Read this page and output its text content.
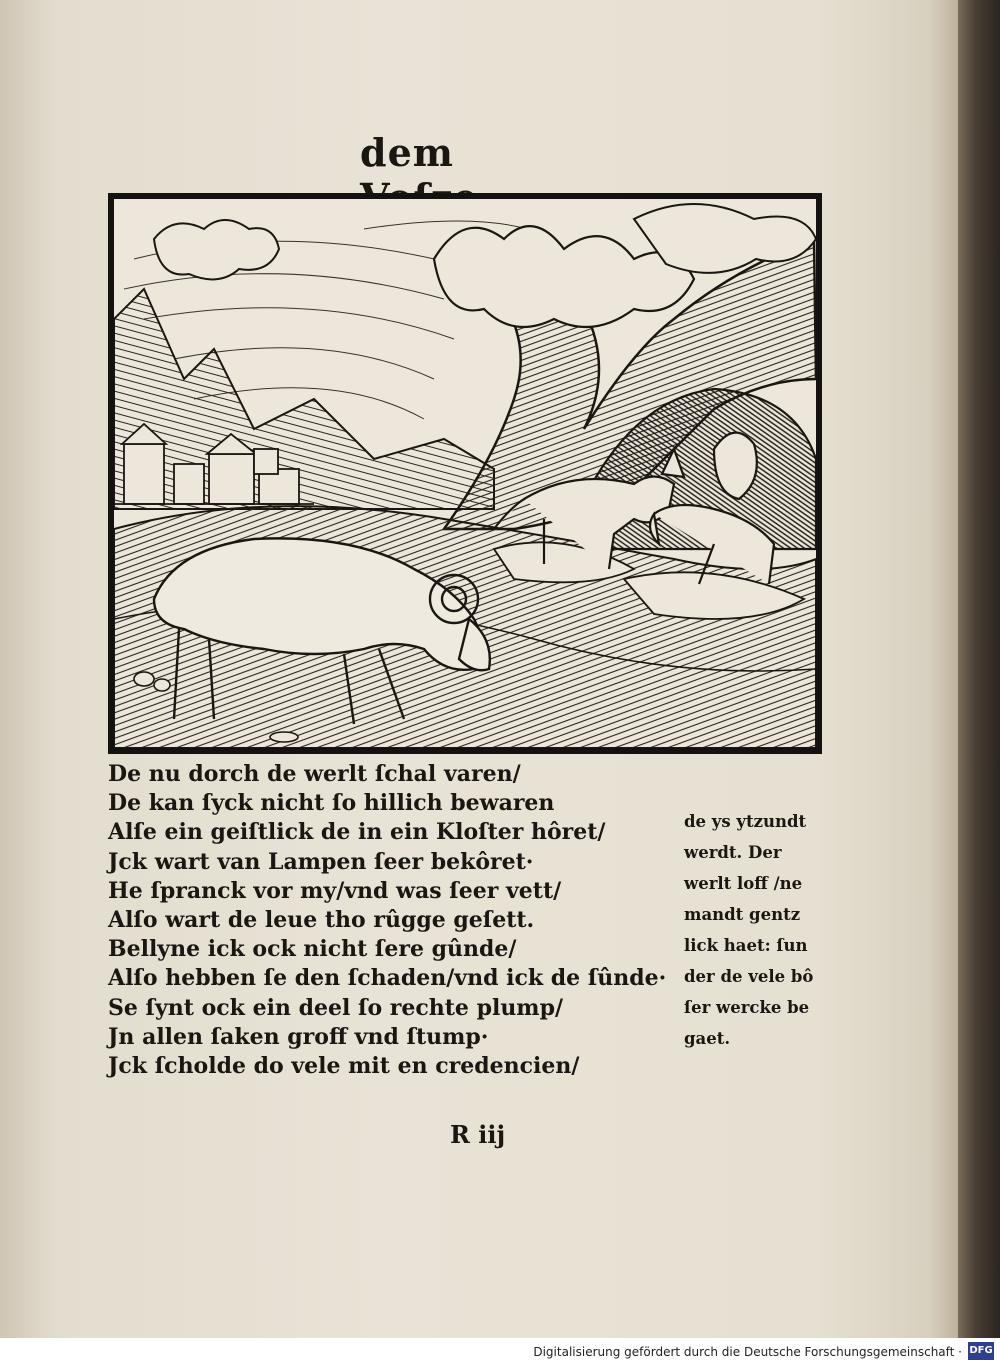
dem
De nu dorch de werlt ſchal varen/
De kan ſyck nicht ſo hillich bewaren
Alſe ein geiſtlick de in ein Kloſter hôret/
Jck wart van Lampen ſeer bekôret·
He ſpranck vor my/vnd was ſeer vett/
Alſo wart de leue tho rûgge geſett.
Bellyne ick ock nicht ſere gûnde/
Alſo hebben ſe den ſchaden/vnd ick de ſûnde·
Se ſynt ock ein deel ſo rechte plump/
Jn allen ſaken groff vnd ſtump·
Jck ſcholde do vele mit en credencien/
de ys ytzundt
werdt. Der
werlt loff /ne
mandt gentz
lick haet: ſun
der de vele bô
ſer wercke be
gaet.
R iij
Digitalisierung gefördert durch die Deutsche Forschungsgemeinschaft · DFG
